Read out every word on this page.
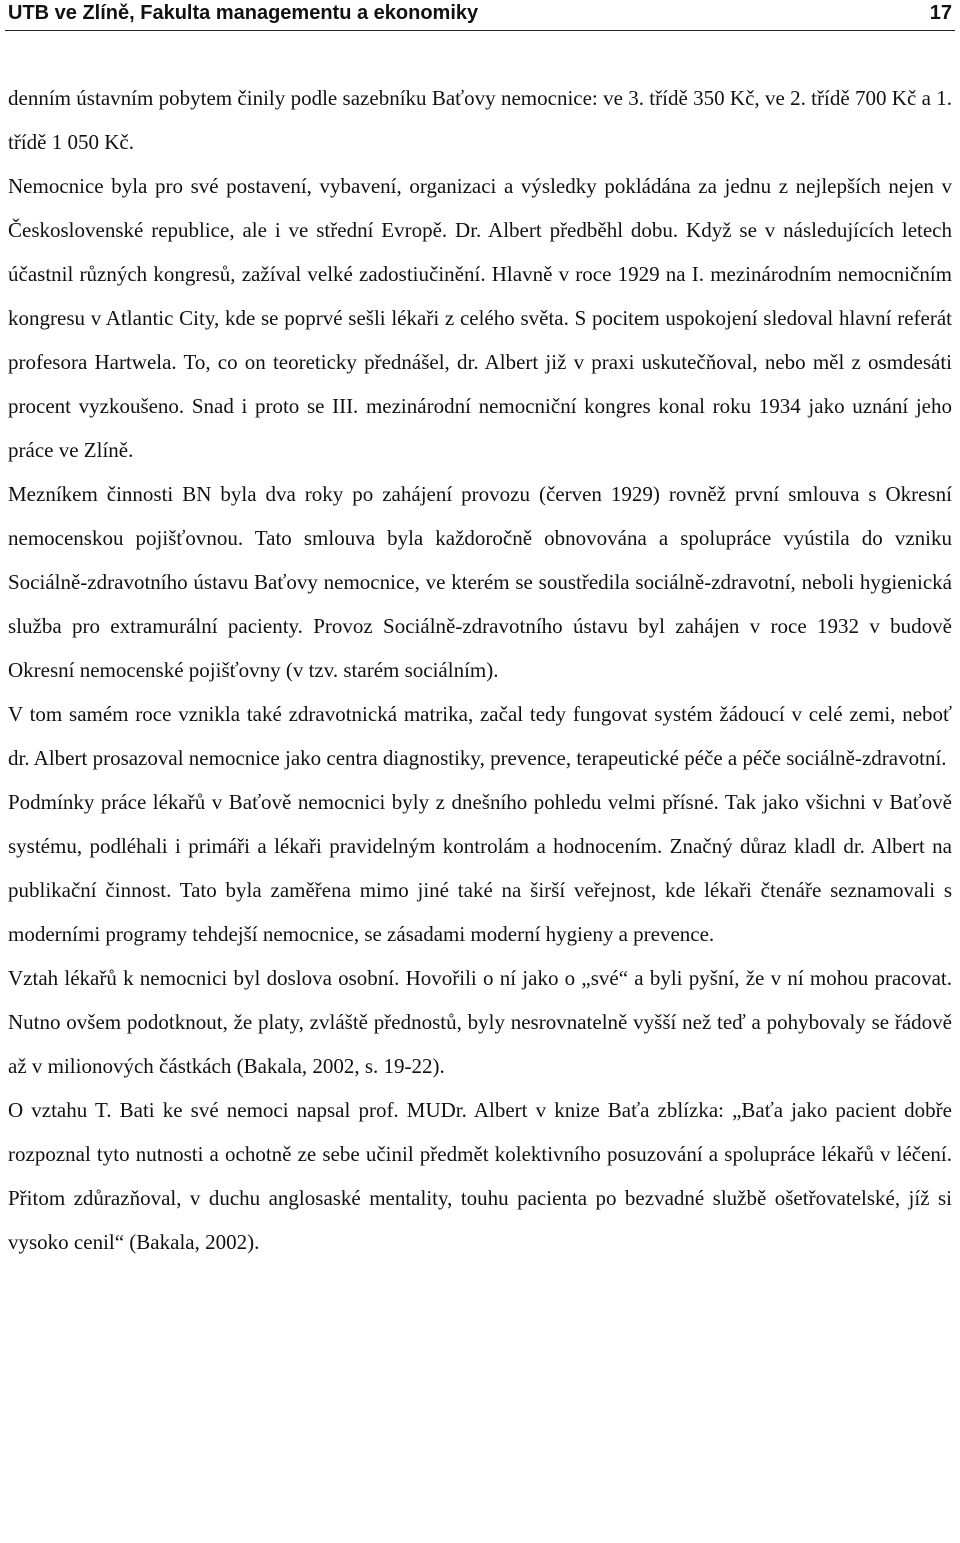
UTB ve Zlíně, Fakulta managementu a ekonomiky	17

denním ústavním pobytem činily podle sazebníku Baťovy nemocnice: ve 3. třídě 350 Kč, ve 2. třídě 700 Kč a 1. třídě 1 050 Kč.

Nemocnice byla pro své postavení, vybavení, organizaci a výsledky pokládána za jednu z nejlepších nejen v Československé republice, ale i ve střední Evropě. Dr. Albert předběhl dobu. Když se v následujících letech účastnil různých kongresů, zažíval velké zadostiučinění. Hlavně v roce 1929 na I. mezinárodním nemocničním kongresu v Atlantic City, kde se poprvé sešli lékaři z celého světa. S pocitem uspokojení sledoval hlavní referát profesora Hartwela. To, co on teoreticky přednášel, dr. Albert již v praxi uskutečňoval, nebo měl z osmdesáti procent vyzkoušeno. Snad i proto se III. mezinárodní nemocniční kongres konal roku 1934 jako uznání jeho práce ve Zlíně.

Mezníkem činnosti BN byla dva roky po zahájení provozu (červen 1929) rovněž první smlouva s Okresní nemocenskou pojišťovnou. Tato smlouva byla každoročně obnovována a spolupráce vyústila do vzniku Sociálně-zdravotního ústavu Baťovy nemocnice, ve kterém se soustředila sociálně-zdravotní, neboli hygienická služba pro extramurální pacienty. Provoz Sociálně-zdravotního ústavu byl zahájen v roce 1932 v budově Okresní nemocenské pojišťovny (v tzv. starém sociálním).

V tom samém roce vznikla také zdravotnická matrika, začal tedy fungovat systém žádoucí v celé zemi, neboť dr. Albert prosazoval nemocnice jako centra diagnostiky, prevence, terapeutické péče a péče sociálně-zdravotní.

Podmínky práce lékařů v Baťově nemocnici byly z dnešního pohledu velmi přísné. Tak jako všichni v Baťově systému, podléhali i primáři a lékaři pravidelným kontrolám a hodnocením. Značný důraz kladl dr. Albert na publikační činnost. Tato byla zaměřena mimo jiné také na širší veřejnost, kde lékaři čtenáře seznamovali s moderními programy tehdejší nemocnice, se zásadami moderní hygieny a prevence.

Vztah lékařů k nemocnici byl doslova osobní. Hovořili o ní jako o „své“ a byli pyšní, že v ní mohou pracovat. Nutno ovšem podotknout, že platy, zvláště přednostů, byly nesrovnatelně vyšší než teď a pohybovaly se řádově až v milionových částkách (Bakala, 2002, s. 19-22).

O vztahu T. Bati ke své nemoci napsal prof. MUDr. Albert v knize Baťa zblízka: „Baťa jako pacient dobře rozpoznal tyto nutnosti a ochotně ze sebe učinil předmět kolektivního posuzování a spolupráce lékařů v léčení. Přitom zdůrazňoval, v duchu anglosaské mentality, touhu pacienta po bezvadné službě ošetřovatelské, jíž si vysoko cenil“ (Bakala, 2002).
